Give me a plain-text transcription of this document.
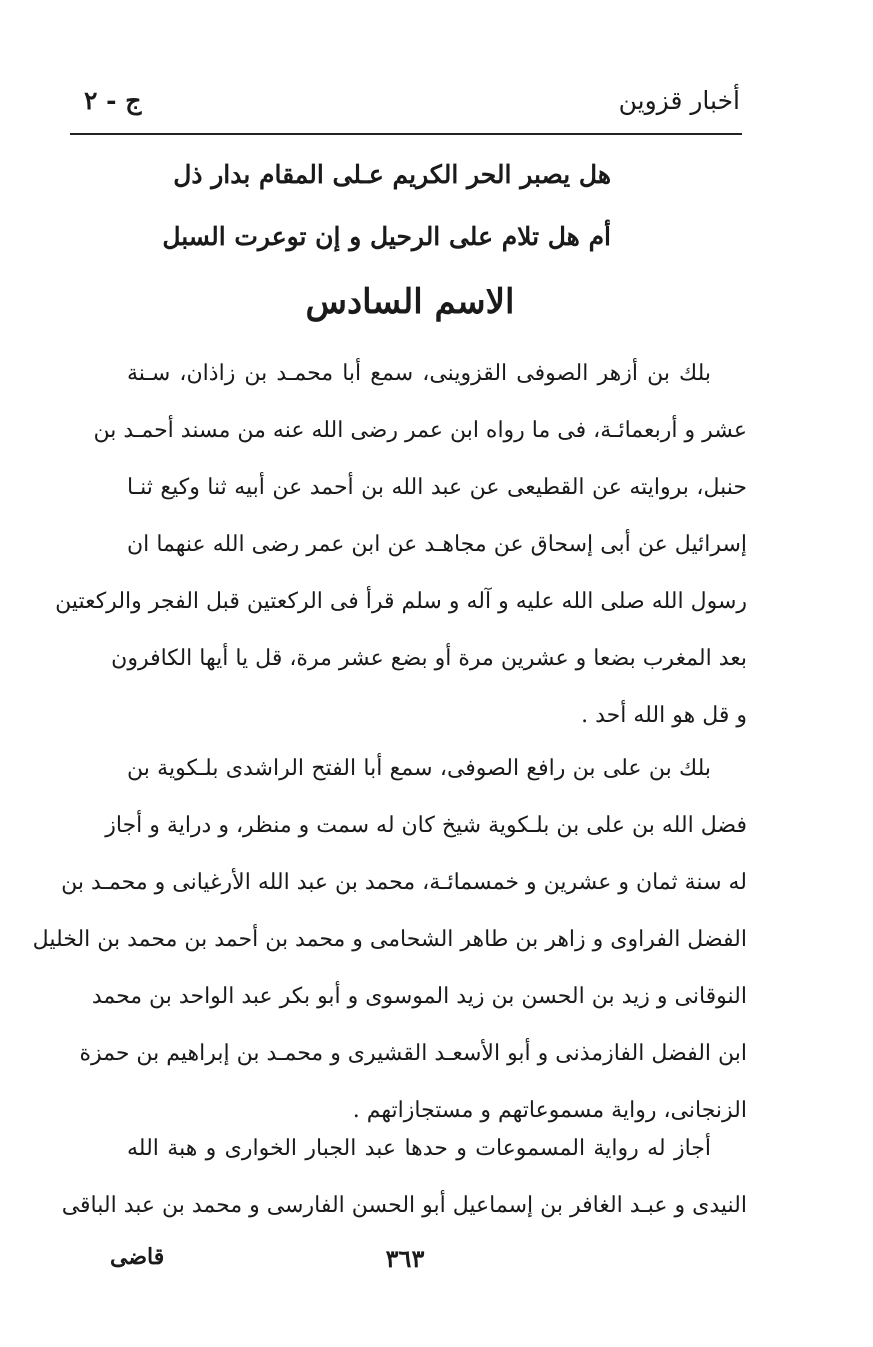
أخبار قزوين
ج - ٢
هل يصبر الحر الكريم عـلى المقام بدار ذل
أم هل تلام على الرحيل و إن توعرت السبل
الاسم السادس
بلك بن أزهر الصوفى القزوينى، سمع أبا محمـد بن زاذان، سـنة
عشر و أربعمائـة، فى ما رواه ابن عمر رضى الله عنه من مسند أحمـد بن
حنبل، بروايته عن القطيعى عن عبد الله بن أحمد عن أبيه ثنا وكيع ثنـا
إسرائيل عن أبى إسحاق عن مجاهـد عن ابن عمر رضى الله عنهما ان
رسول الله صلى الله عليه و آله و سلم قرأ فى الركعتين قبل الفجر والركعتين
بعد المغرب بضعا و عشرين مرة أو بضع عشر مرة، قل يا أيها الكافرون
و قل هو الله أحد .
بلك بن على بن رافع الصوفى، سمع أبا الفتح الراشدى بلـكوية بن
فضل الله بن على بن بلـكوية شيخ كان له سمت و منظر، و دراية و أجاز
له سنة ثمان و عشرين و خمسمائـة، محمد بن عبد الله الأرغيانى و محمـد بن
الفضل الفراوى و زاهر بن طاهر الشحامى و محمد بن أحمد بن محمد بن الخليل
النوقانى و زيد بن الحسن بن زيد الموسوى و أبو بكر عبد الواحد بن محمد
ابن الفضل الفازمذنى و أبو الأسعـد القشيرى و محمـد بن إبراهيم بن حمزة
الزنجانى، رواية مسموعاتهم و مستجازاتهم .
أجاز له رواية المسموعات و حدها عبد الجبار الخوارى و هبة الله
النيدى و عبـد الغافر بن إسماعيل أبو الحسن الفارسى و محمد بن عبد الباقى
٣٦٣
قاضى
